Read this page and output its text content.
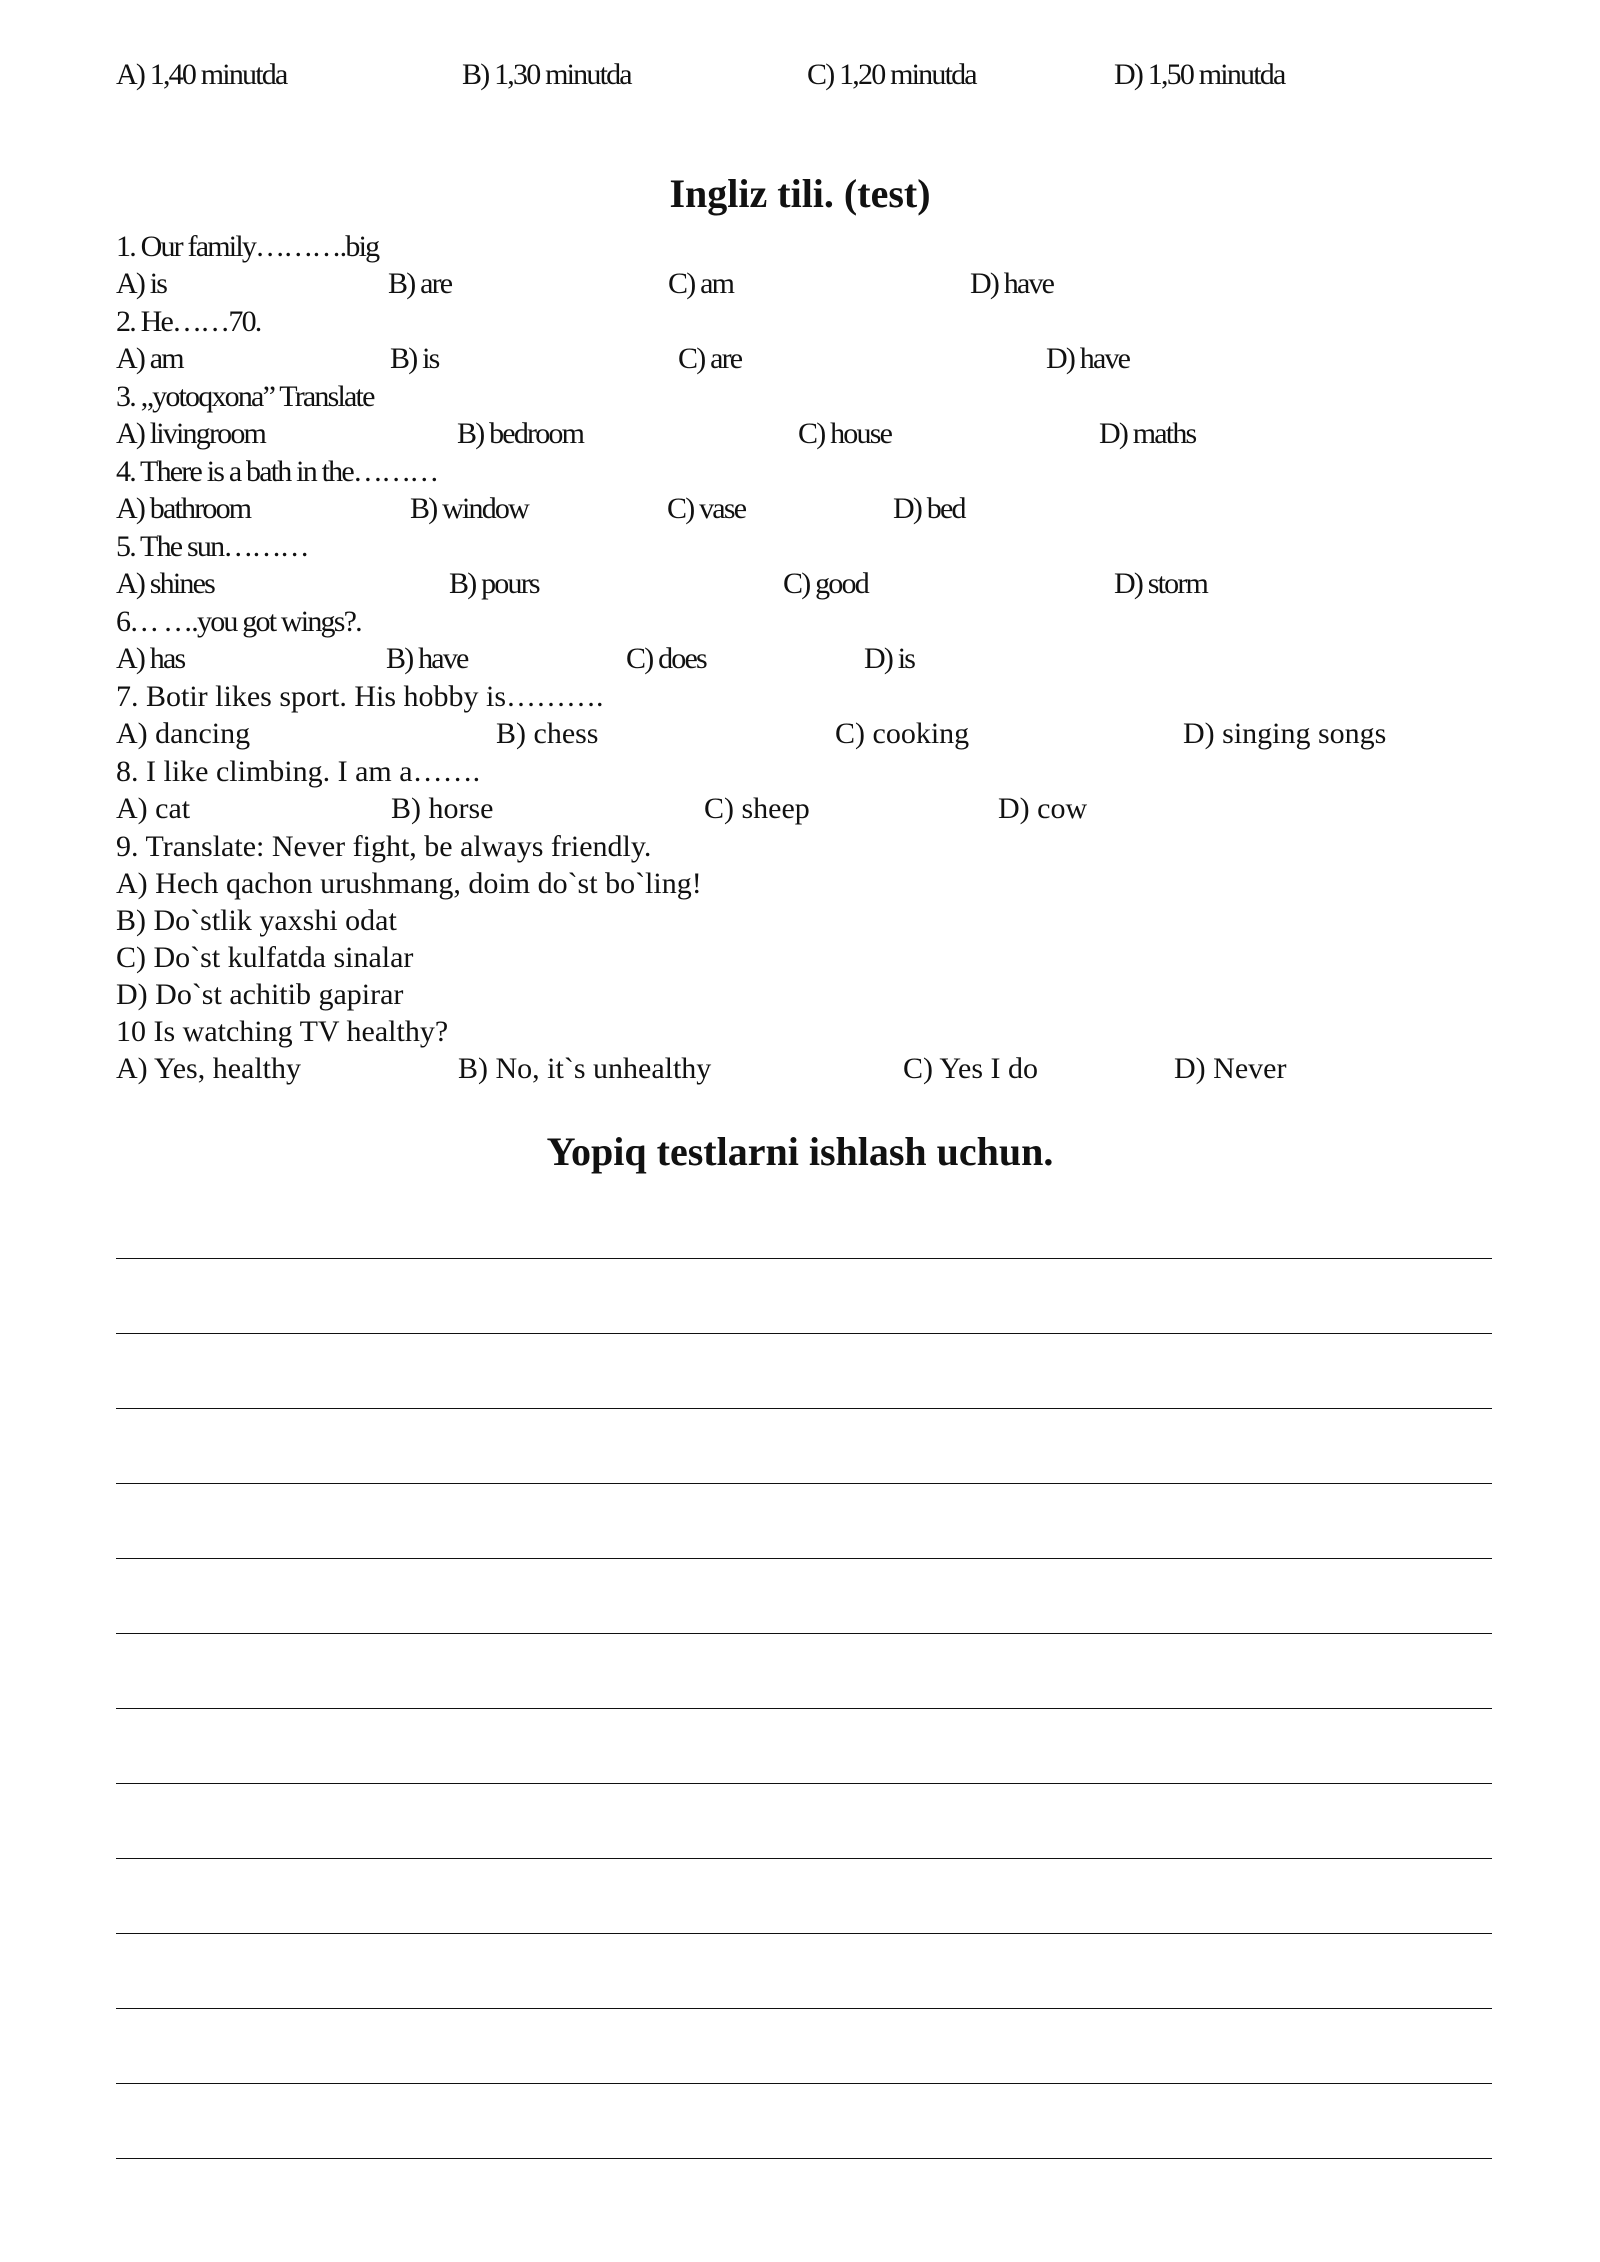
A) 1,40 minutda	B) 1,30 minutda	C) 1,20 minutda	D) 1,50 minutda
Ingliz tili. (test)
1. Our family……….big
A) is	B) are	C) am	D) have
2. He……70.
A) am	B) is	C) are	D) have
3. „yotoqxona” Translate
A) livingroom	B) bedroom	C) house	D) maths
4. There is a bath in the………
A) bathroom	B) window	C) vase	D) bed
5. The sun………
A) shines	B) pours	C) good	D) storm
6… ….you got wings?.
A) has	B) have	C) does	D) is
7. Botir likes sport. His hobby is……….
A) dancing	B) chess	C) cooking	D) singing songs
8. I like climbing. I am a…….
A) cat	B) horse	C) sheep	D) cow
9. Translate: Never fight, be always friendly.
A) Hech qachon urushmang, doim do`st bo`ling!
B) Do`stlik yaxshi odat
C) Do`st kulfatda sinalar
D) Do`st achitib gapirar
10 Is watching TV healthy?
A) Yes, healthy	B) No, it`s unhealthy	C) Yes I do	D) Never
Yopiq testlarni ishlash uchun.
